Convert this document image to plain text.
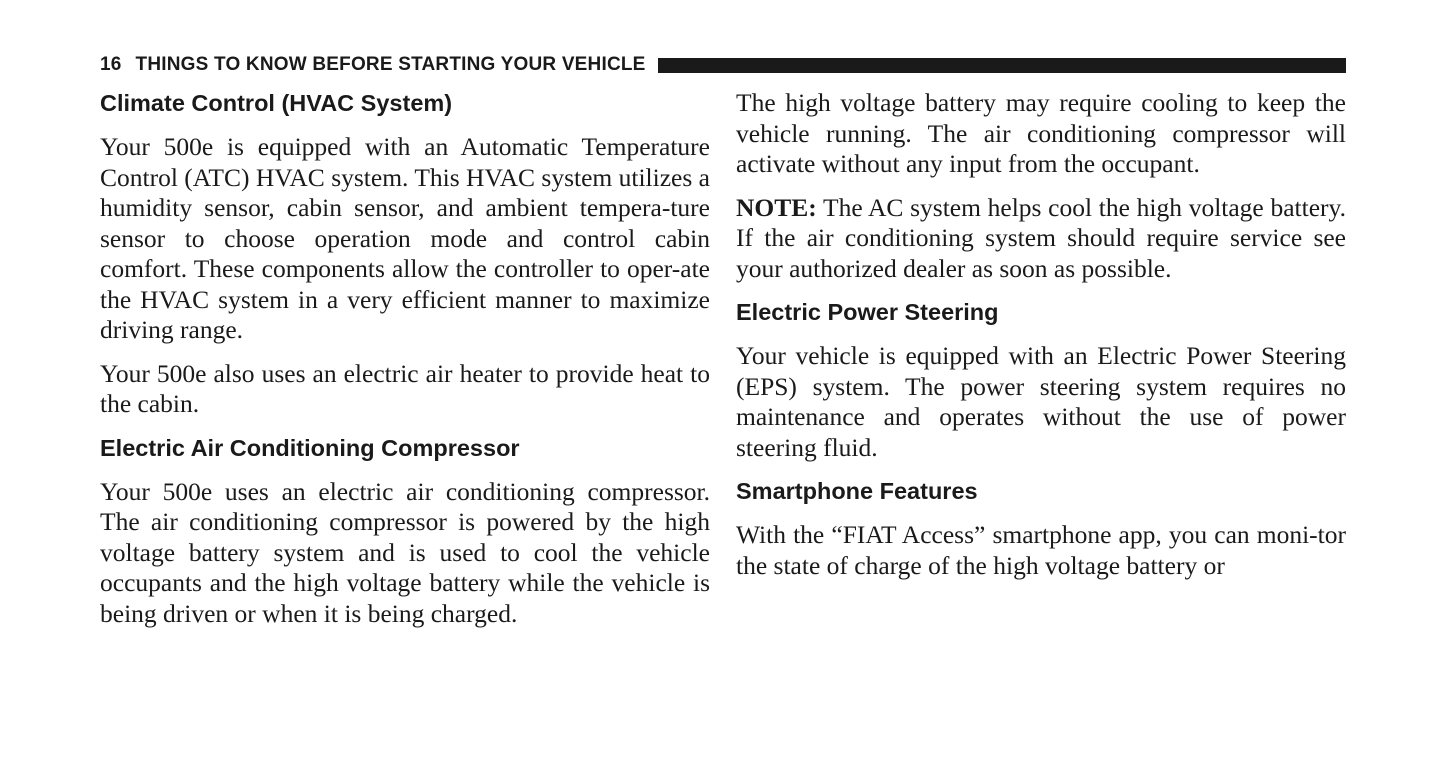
16 THINGS TO KNOW BEFORE STARTING YOUR VEHICLE
Climate Control (HVAC System)

Your 500e is equipped with an Automatic Temperature Control (ATC) HVAC system. This HVAC system utilizes a humidity sensor, cabin sensor, and ambient tempera-ture sensor to choose operation mode and control cabin comfort. These components allow the controller to oper-ate the HVAC system in a very efficient manner to maximize driving range.

Your 500e also uses an electric air heater to provide heat to the cabin.

Electric Air Conditioning Compressor

Your 500e uses an electric air conditioning compressor. The air conditioning compressor is powered by the high voltage battery system and is used to cool the vehicle occupants and the high voltage battery while the vehicle is being driven or when it is being charged.

The high voltage battery may require cooling to keep the vehicle running. The air conditioning compressor will activate without any input from the occupant.

NOTE: The AC system helps cool the high voltage battery. If the air conditioning system should require service see your authorized dealer as soon as possible.

Electric Power Steering

Your vehicle is equipped with an Electric Power Steering (EPS) system. The power steering system requires no maintenance and operates without the use of power steering fluid.

Smartphone Features

With the “FIAT Access” smartphone app, you can moni-tor the state of charge of the high voltage battery or
